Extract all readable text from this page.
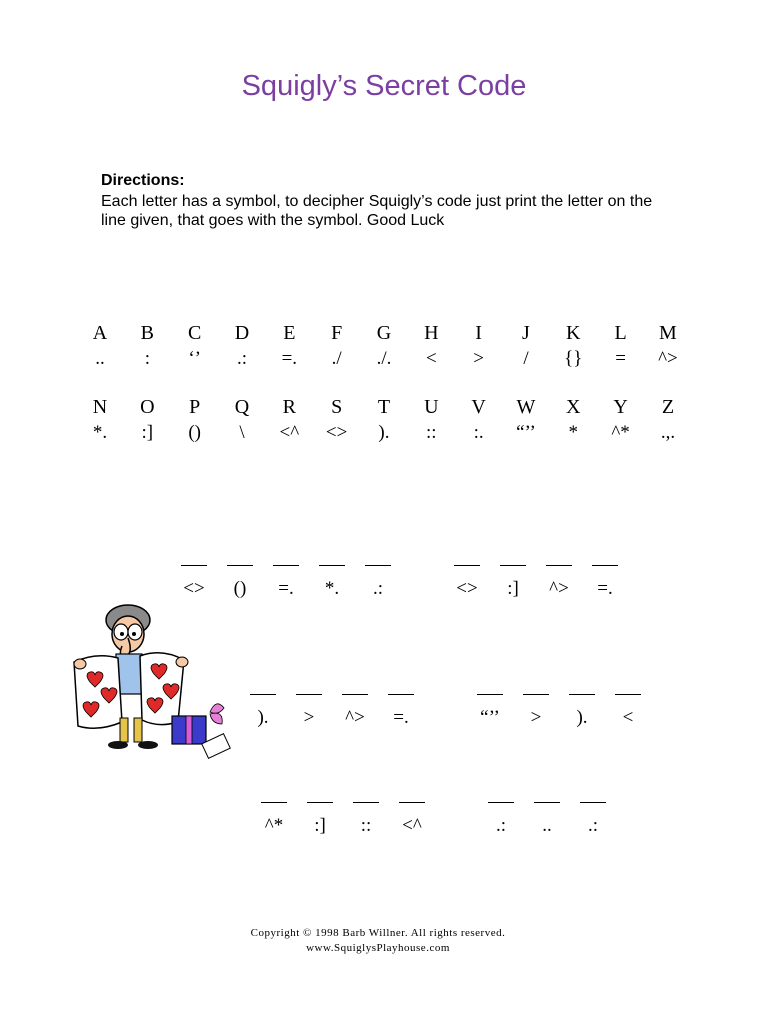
Squigly’s Secret Code
Directions:
Each letter has a symbol, to decipher Squigly’s code just print the letter on the line given, that goes with the symbol. Good Luck
A	B	C	D	E	F	G	H	I	J	K	L	M
..	:	‘’	.:	=.	./	./.	<	>	/	{}	=	^>
N	O	P	Q	R	S	T	U	V	W	X	Y	Z
*.	:]	()	\	<^	<>	).	::	:.	“’’	*	^*	.,.
<> () =. *. .:	<> :] ^> =.
). > ^> =.	“’’ > ). <
^* :] :: <^	.: .. .:
Copyright © 1998 Barb Willner. All rights reserved.
www.SquiglysPlayhouse.com
